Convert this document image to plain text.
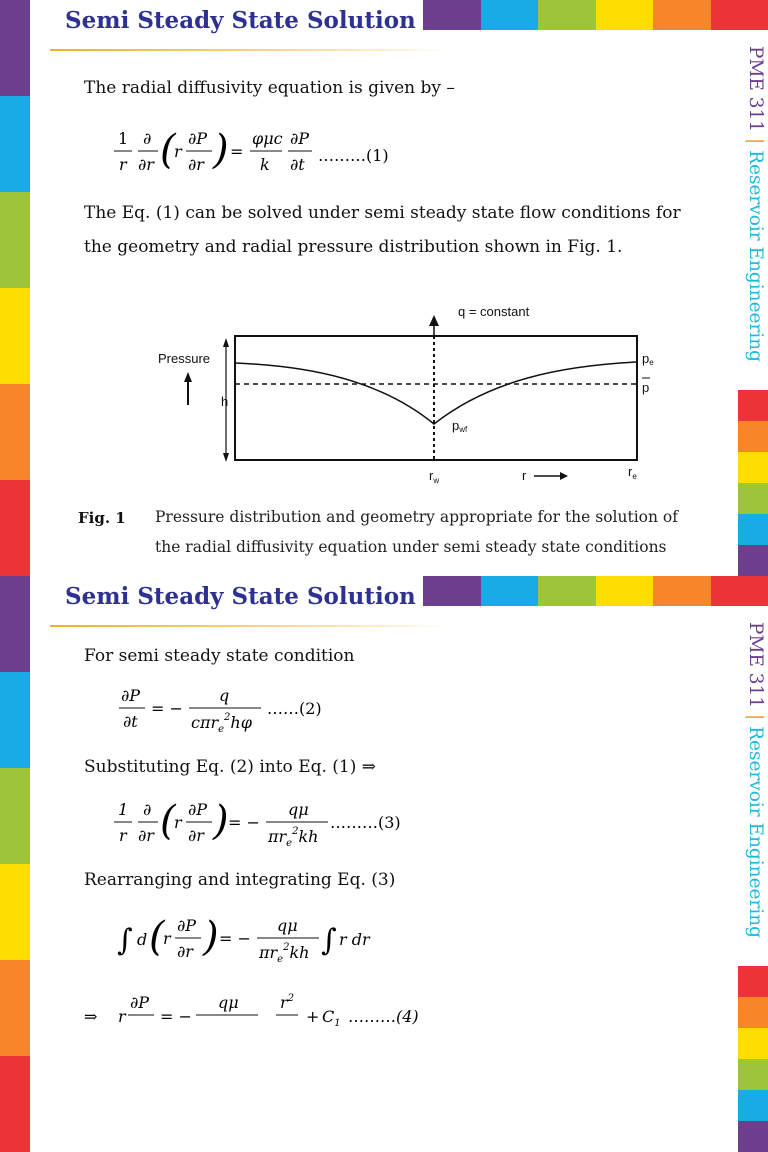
Semi Steady State Solution
PME 311 | Reservoir Engineering
The radial diffusivity equation is given by –
1
r
∂
∂r (
r
∂P
∂r ) =
φμc
k
∂P
∂t ………(1)
The Eq. (1) can be solved under semi steady state flow conditions for
the geometry and radial pressure distribution shown in Fig. 1.
q = constant
Pressure
h
pe
p
pwf
$r_w$	r	$r_e$
Fig. 1 Pressure distribution and geometry appropriate for the solution of
the radial diffusivity equation under semi steady state conditions
Semi Steady State Solution
PME 311 | Reservoir Engineering
For semi steady state condition
∂P
∂t
= −
q
cπr$_e^2$hφ
……(2)
Substituting Eq. (2) into Eq. (1) ⇒
1
r
∂
∂r (
r
∂P
∂r ) = −
qμ
$\pi r_e^2kh$
………(3)
Rearranging and integrating Eq. (3)
∫ d (
r
∂P
∂r ) = −
qμ
$\pi r_e^2kh$ ∫ r dr
⇒ r
∂P
= −
qμ	$r^2$
+ $C_1$ ………(4)
